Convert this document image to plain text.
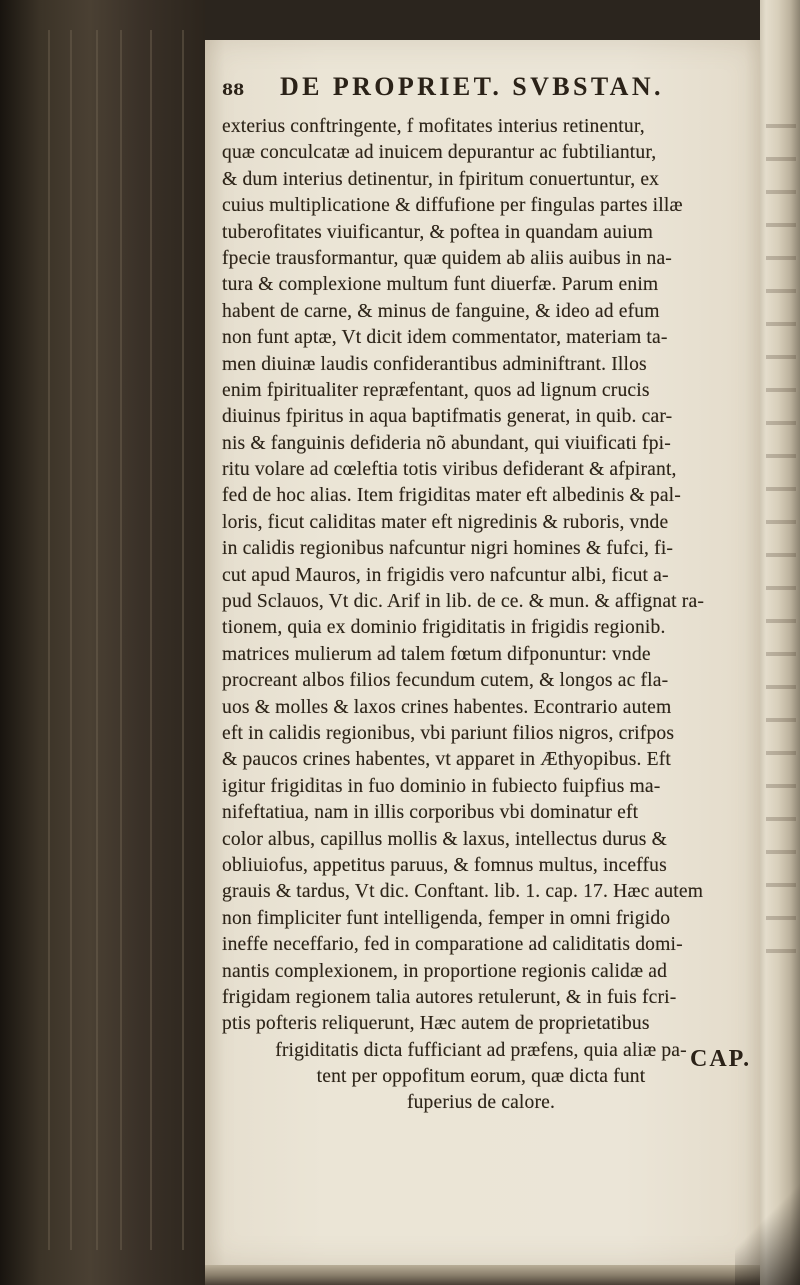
88 DE PROPRIET. SVBSTAN.
exterius conftringente, f mofitates interius retinentur,
quæ conculcatæ ad inuicem depurantur ac fubtiliantur,
& dum interius detinentur, in fpiritum conuertuntur, ex
cuius multiplicatione & diffufione per fingulas partes illæ
tuberofitates viuificantur, & poftea in quandam auium
fpecie trausformantur, quæ quidem ab aliis auibus in na-
tura & complexione multum funt diuerfæ. Parum enim
habent de carne, & minus de fanguine, & ideo ad efum
non funt aptæ, Vt dicit idem commentator, materiam ta-
men diuinæ laudis confiderantibus adminiftrant. Illos
enim fpiritualiter repræfentant, quos ad lignum crucis
diuinus fpiritus in aqua baptifmatis generat, in quib. car-
nis & fanguinis defideria nõ abundant, qui viuificati fpi-
ritu volare ad cœleftia totis viribus defiderant & afpirant,
fed de hoc alias. Item frigiditas mater eft albedinis & pal-
loris, ficut caliditas mater eft nigredinis & ruboris, vnde
in calidis regionibus nafcuntur nigri homines & fufci, fi-
cut apud Mauros, in frigidis vero nafcuntur albi, ficut a-
pud Sclauos, Vt dic. Arif in lib. de ce. & mun. & affignat ra-
tionem, quia ex dominio frigiditatis in frigidis regionib.
matrices mulierum ad talem fœtum difponuntur: vnde
procreant albos filios fecundum cutem, & longos ac fla-
uos & molles & laxos crines habentes. Econtrario autem
eft in calidis regionibus, vbi pariunt filios nigros, crifpos
& paucos crines habentes, vt apparet in Æthyopibus. Eft
igitur frigiditas in fuo dominio in fubiecto fuipfius ma-
nifeftatiua, nam in illis corporibus vbi dominatur eft
color albus, capillus mollis & laxus, intellectus durus &
obliuiofus, appetitus paruus, & fomnus multus, inceffus
grauis & tardus, Vt dic. Conftant. lib. 1. cap. 17. Hæc autem
non fimpliciter funt intelligenda, femper in omni frigido
ineffe neceffario, fed in comparatione ad caliditatis domi-
nantis complexionem, in proportione regionis calidæ ad
frigidam regionem talia autores retulerunt, & in fuis fcri-
ptis pofteris reliquerunt, Hæc autem de proprietatibus
frigiditatis dicta fufficiant ad præfens, quia aliæ pa-
tent per oppofitum eorum, quæ dicta funt
fuperius de calore.
CAP.
